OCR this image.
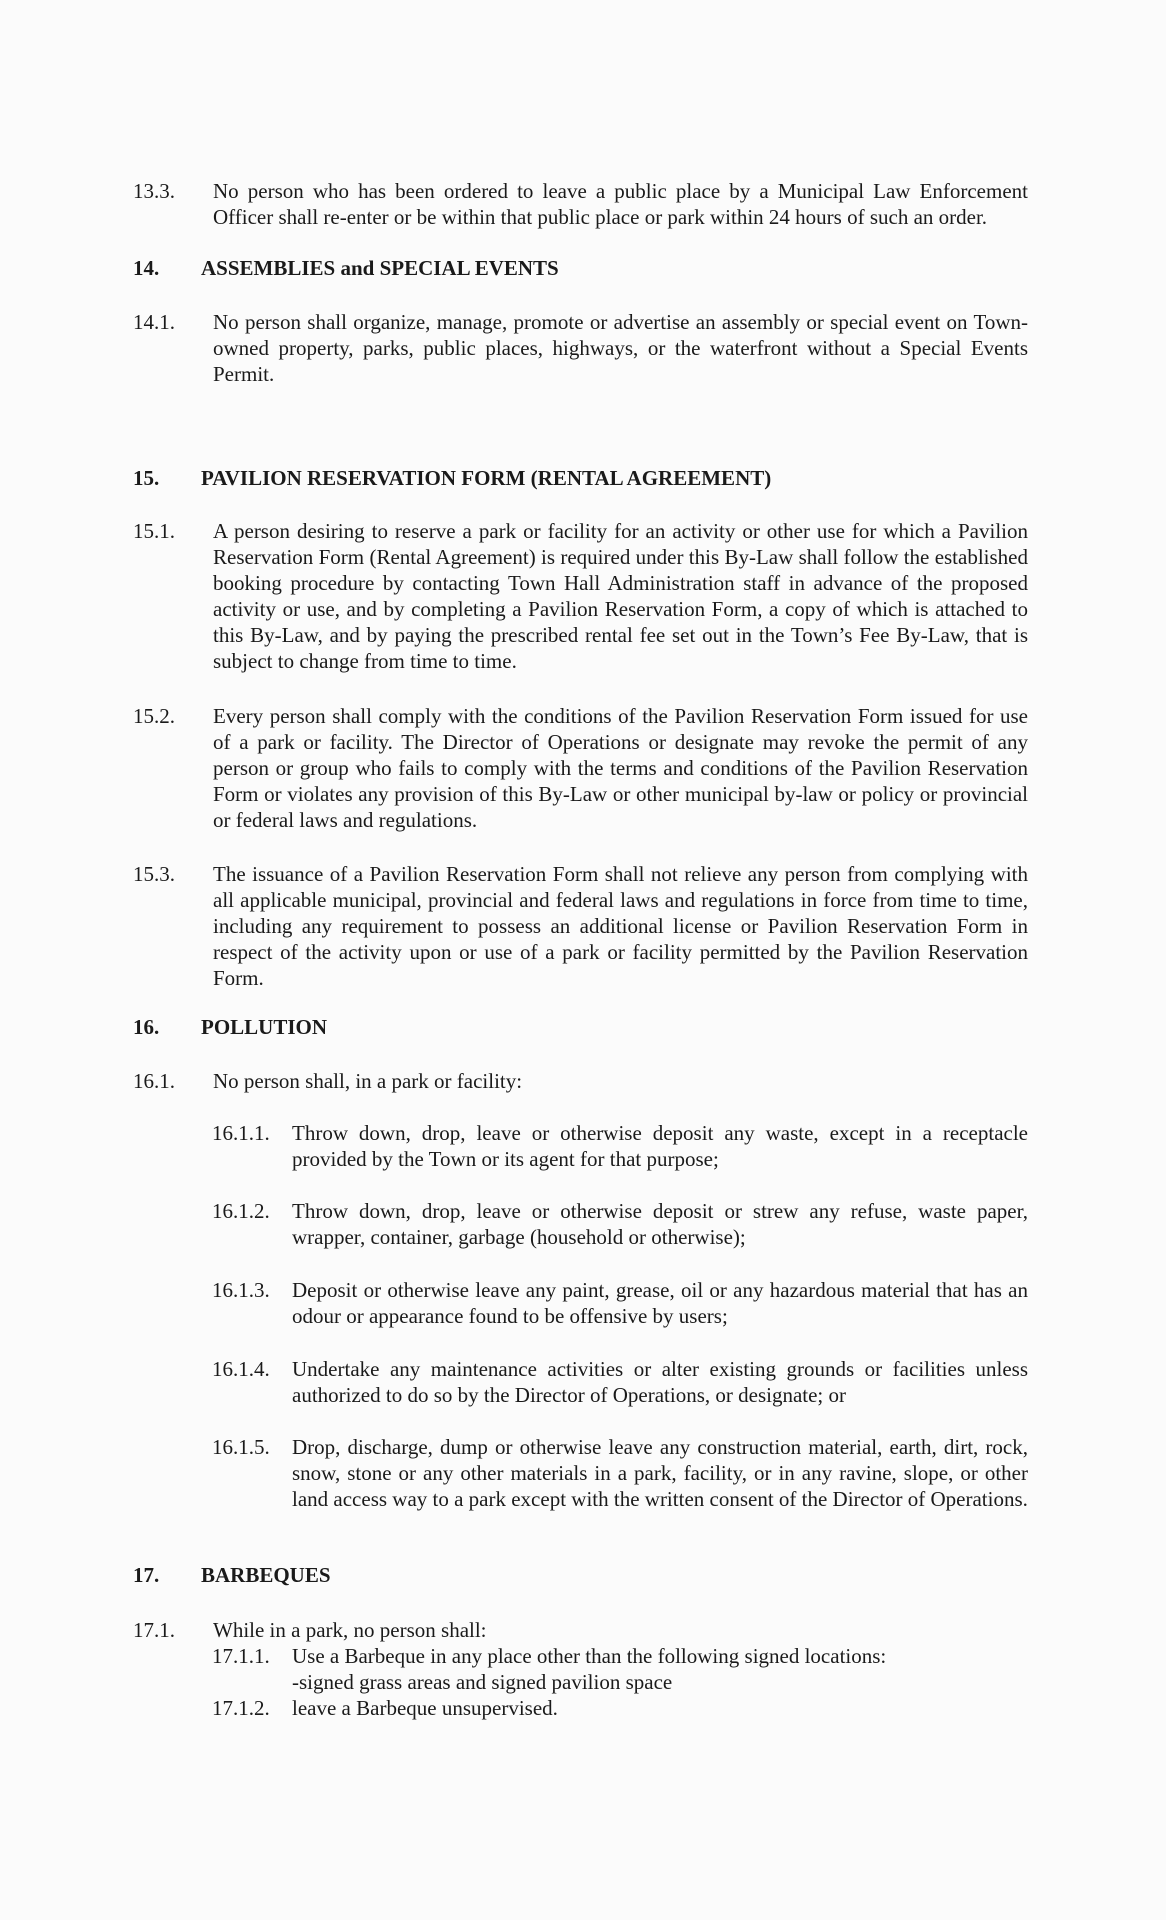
13.3. No person who has been ordered to leave a public place by a Municipal Law Enforcement Officer shall re-enter or be within that public place or park within 24 hours of such an order.
14. ASSEMBLIES and SPECIAL EVENTS
14.1. No person shall organize, manage, promote or advertise an assembly or special event on Town-owned property, parks, public places, highways, or the waterfront without a Special Events Permit.
15. PAVILION RESERVATION FORM (RENTAL AGREEMENT)
15.1. A person desiring to reserve a park or facility for an activity or other use for which a Pavilion Reservation Form (Rental Agreement) is required under this By-Law shall follow the established booking procedure by contacting Town Hall Administration staff in advance of the proposed activity or use, and by completing a Pavilion Reservation Form, a copy of which is attached to this By-Law, and by paying the prescribed rental fee set out in the Town’s Fee By-Law, that is subject to change from time to time.
15.2. Every person shall comply with the conditions of the Pavilion Reservation Form issued for use of a park or facility. The Director of Operations or designate may revoke the permit of any person or group who fails to comply with the terms and conditions of the Pavilion Reservation Form or violates any provision of this By-Law or other municipal by-law or policy or provincial or federal laws and regulations.
15.3. The issuance of a Pavilion Reservation Form shall not relieve any person from complying with all applicable municipal, provincial and federal laws and regulations in force from time to time, including any requirement to possess an additional license or Pavilion Reservation Form in respect of the activity upon or use of a park or facility permitted by the Pavilion Reservation Form.
16. POLLUTION
16.1. No person shall, in a park or facility:
16.1.1. Throw down, drop, leave or otherwise deposit any waste, except in a receptacle provided by the Town or its agent for that purpose;
16.1.2. Throw down, drop, leave or otherwise deposit or strew any refuse, waste paper, wrapper, container, garbage (household or otherwise);
16.1.3. Deposit or otherwise leave any paint, grease, oil or any hazardous material that has an odour or appearance found to be offensive by users;
16.1.4. Undertake any maintenance activities or alter existing grounds or facilities unless authorized to do so by the Director of Operations, or designate; or
16.1.5. Drop, discharge, dump or otherwise leave any construction material, earth, dirt, rock, snow, stone or any other materials in a park, facility, or in any ravine, slope, or other land access way to a park except with the written consent of the Director of Operations.
17. BARBEQUES
17.1. While in a park, no person shall:
17.1.1. Use a Barbeque in any place other than the following signed locations:
-signed grass areas and signed pavilion space
17.1.2. leave a Barbeque unsupervised.
